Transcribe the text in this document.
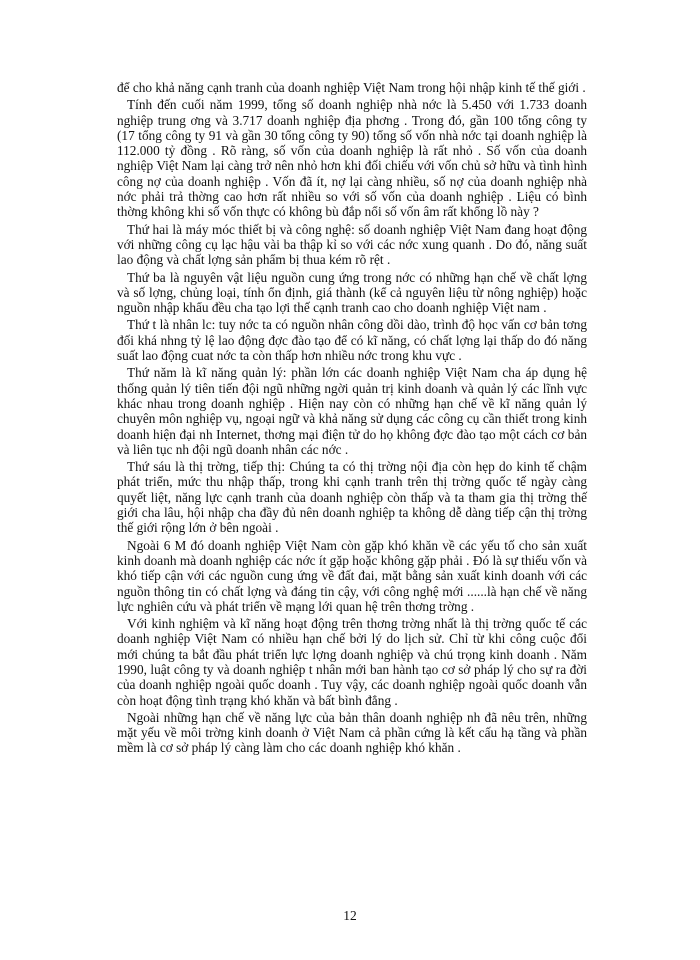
để cho khả năng cạnh tranh của doanh nghiệp Việt Nam trong hội nhập kinh tế thế giới .

Tính đến cuối năm 1999, tổng số doanh nghiệp nhà nớc là 5.450 với 1.733 doanh nghiệp trung ơng và 3.717 doanh nghiệp địa phơng . Trong đó, gần 100 tổng công ty (17 tổng công ty 91 và gần 30 tổng công ty 90) tổng số vốn nhà nớc tại doanh nghiệp là 112.000 tỷ đồng . Rõ ràng, số vốn của doanh nghiệp là rất nhỏ . Số vốn của doanh nghiệp Việt Nam lại càng trở nên nhỏ hơn khi đối chiếu với vốn chủ sở hữu và tình hình công nợ của doanh nghiệp . Vốn đã ít, nợ lại càng nhiều, số nợ của doanh nghiệp nhà nớc phải trả thờng cao hơn rất nhiều so với số vốn của doanh nghiệp . Liệu có bình thờng không khi số vốn thực có không bù đắp nổi số vốn âm rất khổng lồ này ?

Thứ hai là máy móc thiết bị và công nghệ: số doanh nghiệp Việt Nam đang hoạt động với những công cụ lạc hậu vài ba thập kỉ so với các nớc xung quanh . Do đó, năng suất lao động và chất lợng sản phẩm bị thua kém rõ rệt .

Thứ ba là nguyên vật liệu nguồn cung ứng trong nớc có những hạn chế về chất lợng và số lợng, chủng loại, tính ổn định, giá thành (kể cả nguyên liệu từ nông nghiệp) hoặc nguồn nhập khẩu đều cha tạo lợi thế cạnh tranh cao cho doanh nghiệp Việt nam .

Thứ t là nhân lc: tuy nớc ta có nguồn nhân công dồi dào, trình độ học vấn cơ bản tơng đối khá nhng tỷ lệ lao động đợc đào tạo để có kĩ năng, có chất lợng lại thấp do đó năng suất lao động cuat nớc ta còn thấp hơn nhiều nớc trong khu vực .

Thứ năm là kĩ năng quản lý: phần lớn các doanh nghiệp Việt Nam cha áp dụng hệ thống quản lý tiên tiến đội ngũ những ngời quản trị kinh doanh và quản lý các lĩnh vực khác nhau trong doanh nghiệp . Hiện nay còn có những hạn chế về kĩ năng quản lý chuyên môn nghiệp vụ, ngoại ngữ và khả năng sử dụng các công cụ cần thiết trong kinh doanh hiện đại nh Internet, thơng mại điện tử do họ không đợc đào tạo một cách cơ bản và liên tục nh đội ngũ doanh nhân các nớc .

Thứ sáu là thị trờng, tiếp thị: Chúng ta có thị trờng nội địa còn hẹp do kinh tế chậm phát triển, mức thu nhập thấp, trong khi cạnh tranh trên thị trờng quốc tế ngày càng quyết liệt, năng lực cạnh tranh của doanh nghiệp còn thấp và ta tham gia thị trờng thế giới cha lâu, hội nhập cha đầy đủ nên doanh nghiệp ta không dễ dàng tiếp cận thị trờng thế giới rộng lớn ở bên ngoài .

Ngoài 6 M đó doanh nghiệp Việt Nam còn gặp khó khăn về các yếu tố cho sản xuất kinh doanh mà doanh nghiệp các nớc ít gặp hoặc không gặp phải . Đó là sự thiếu vốn và khó tiếp cận với các nguồn cung ứng về đất đai, mặt bằng sản xuất kinh doanh với các nguồn thông tin có chất lợng và đáng tin cậy, với công nghệ mới ......là hạn chế về năng lực nghiên cứu và phát triển về mạng lới quan hệ trên thơng trờng .

Với kinh nghiệm và kĩ năng hoạt động trên thơng trờng nhất là thị trờng quốc tế các doanh nghiệp Việt Nam có nhiều hạn chế bởi lý do lịch sử. Chỉ từ khi công cuộc đổi mới chúng ta bắt đầu phát triển lực lợng doanh nghiệp và chú trọng kinh doanh . Năm 1990, luật công ty và doanh nghiệp t nhân mới ban hành tạo cơ sở pháp lý cho sự ra đời của doanh nghiệp ngoài quốc doanh . Tuy vậy, các doanh nghiệp ngoài quốc doanh vẫn còn hoạt động tình trạng khó khăn và bất bình đẳng .

Ngoài những hạn chế về năng lực của bản thân doanh nghiệp nh đã nêu trên, những mặt yếu về môi trờng kinh doanh ở Việt Nam cả phần cứng là kết cấu hạ tầng và phần mềm là cơ sở pháp lý càng làm cho các doanh nghiệp khó khăn .

12
